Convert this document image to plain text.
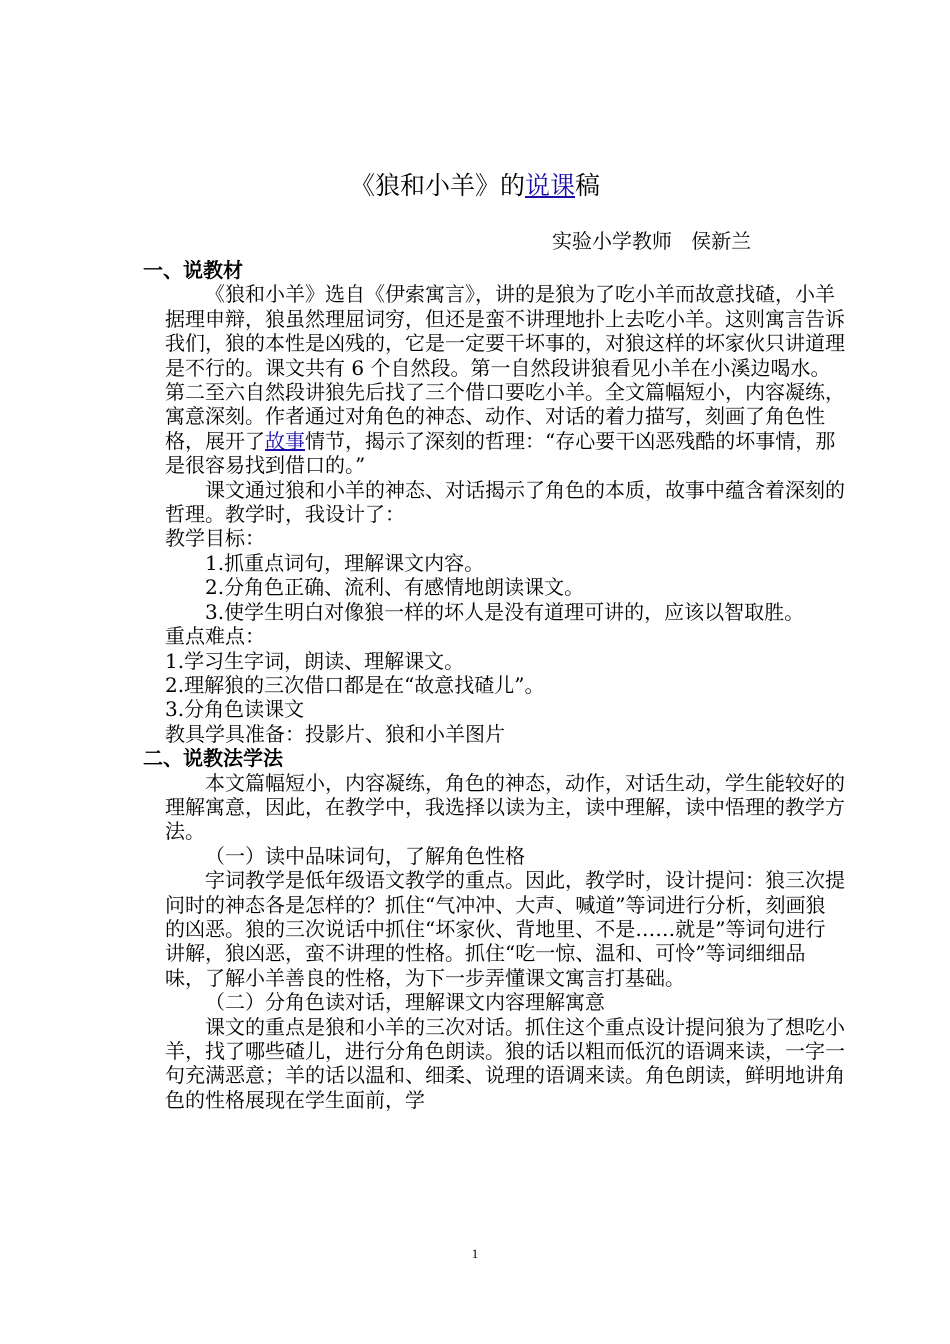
《狼和小羊》的说课稿
实验小学教师   侯新兰

一、说教材

《狼和小羊》选自《伊索寓言》，讲的是狼为了吃小羊而故意找碴，小羊据理申辩，狼虽然理屈词穷，但还是蛮不讲理地扑上去吃小羊。这则寓言告诉我们，狼的本性是凶残的，它是一定要干坏事的，对狼这样的坏家伙只讲道理是不行的。课文共有 6 个自然段。第一自然段讲狼看见小羊在小溪边喝水。第二至六自然段讲狼先后找了三个借口要吃小羊。全文篇幅短小，内容凝练，寓意深刻。作者通过对角色的神态、动作、对话的着力描写，刻画了角色性格，展开了故事情节，揭示了深刻的哲理：“存心要干凶恶残酷的坏事情，那是很容易找到借口的。”

课文通过狼和小羊的神态、对话揭示了角色的本质，故事中蕴含着深刻的哲理。教学时，我设计了：

教学目标：

1.抓重点词句，理解课文内容。

2.分角色正确、流利、有感情地朗读课文。

3.使学生明白对像狼一样的坏人是没有道理可讲的，应该以智取胜。

重点难点：

1.学习生字词，朗读、理解课文。

2.理解狼的三次借口都是在“故意找碴儿”。

3.分角色读课文

教具学具准备：投影片、狼和小羊图片

二、说教法学法

本文篇幅短小，内容凝练，角色的神态，动作，对话生动，学生能较好的理解寓意，因此，在教学中，我选择以读为主，读中理解，读中悟理的教学方法。

（一）读中品味词句，了解角色性格

字词教学是低年级语文教学的重点。因此，教学时，设计提问：狼三次提问时的神态各是怎样的？抓住“气冲冲、大声、喊道”等词进行分析，刻画狼的凶恶。狼的三次说话中抓住“坏家伙、背地里、不是……就是”等词句进行讲解，狼凶恶，蛮不讲理的性格。抓住“吃一惊、温和、可怜”等词细细品味，了解小羊善良的性格，为下一步弄懂课文寓言打基础。

（二）分角色读对话，理解课文内容理解寓意

课文的重点是狼和小羊的三次对话。抓住这个重点设计提问狼为了想吃小羊，找了哪些碴儿，进行分角色朗读。狼的话以粗而低沉的语调来读，一字一句充满恶意；羊的话以温和、细柔、说理的语调来读。角色朗读，鲜明地讲角色的性格展现在学生面前，学

1
